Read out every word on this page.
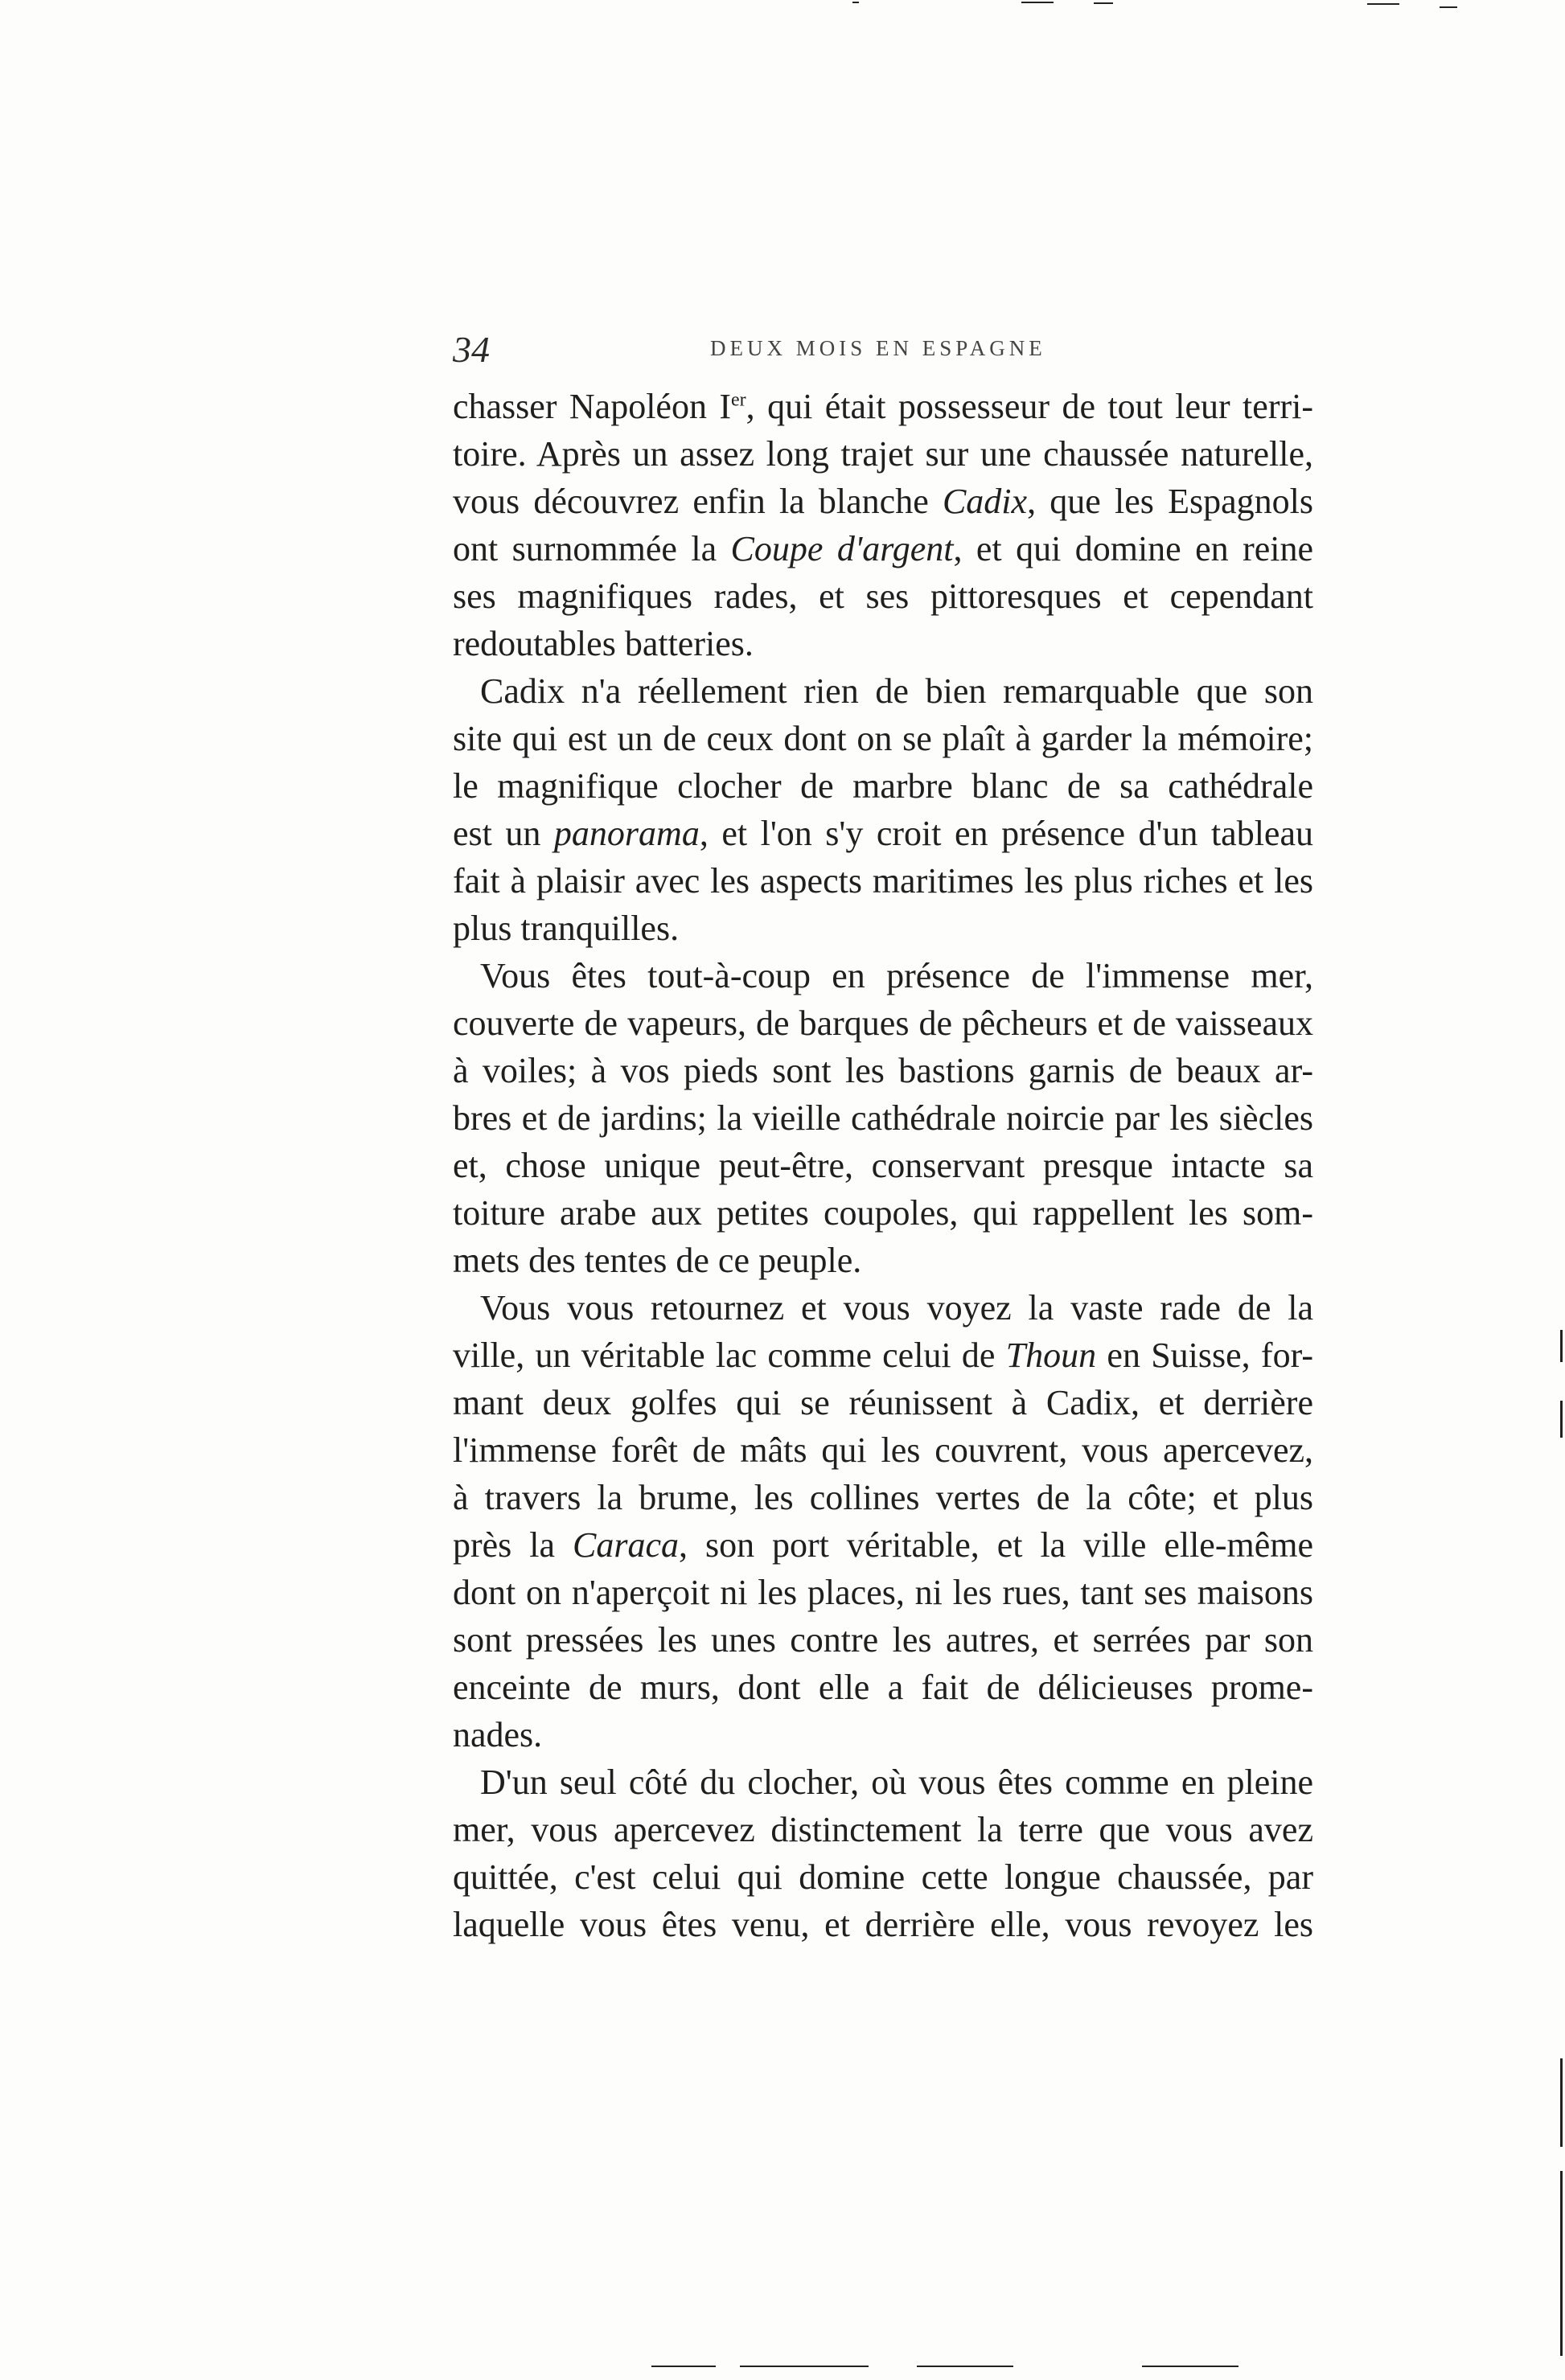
34	DEUX MOIS EN ESPAGNE
chasser Napoléon Ier, qui était possesseur de tout leur terri-
toire. Après un assez long trajet sur une chaussée naturelle,
vous découvrez enfin la blanche Cadix, que les Espagnols
ont surnommée la Coupe d'argent, et qui domine en reine
ses magnifiques rades, et ses pittoresques et cependant
redoutables batteries.
Cadix n'a réellement rien de bien remarquable que son
site qui est un de ceux dont on se plaît à garder la mémoire;
le magnifique clocher de marbre blanc de sa cathédrale
est un panorama, et l'on s'y croit en présence d'un tableau
fait à plaisir avec les aspects maritimes les plus riches et les
plus tranquilles.
Vous êtes tout-à-coup en présence de l'immense mer,
couverte de vapeurs, de barques de pêcheurs et de vaisseaux
à voiles; à vos pieds sont les bastions garnis de beaux ar-
bres et de jardins; la vieille cathédrale noircie par les siècles
et, chose unique peut-être, conservant presque intacte sa
toiture arabe aux petites coupoles, qui rappellent les som-
mets des tentes de ce peuple.
Vous vous retournez et vous voyez la vaste rade de la
ville, un véritable lac comme celui de Thoun en Suisse, for-
mant deux golfes qui se réunissent à Cadix, et derrière
l'immense forêt de mâts qui les couvrent, vous apercevez,
à travers la brume, les collines vertes de la côte; et plus
près la Caraca, son port véritable, et la ville elle-même
dont on n'aperçoit ni les places, ni les rues, tant ses maisons
sont pressées les unes contre les autres, et serrées par son
enceinte de murs, dont elle a fait de délicieuses prome-
nades.
D'un seul côté du clocher, où vous êtes comme en pleine
mer, vous apercevez distinctement la terre que vous avez
quittée, c'est celui qui domine cette longue chaussée, par
laquelle vous êtes venu, et derrière elle, vous revoyez les
